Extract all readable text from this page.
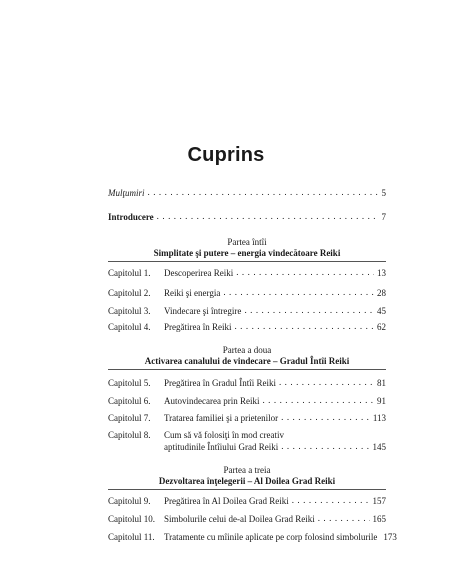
Cuprins
Mulţumiri . . .	5
Introducere . . .	7
Partea întîi
Simplitate şi putere – energia vindecătoare Reiki
Capitolul 1.	Descoperirea Reiki . . .	13
Capitolul 2.	Reiki şi energia . . .	28
Capitolul 3.	Vindecare şi întregire . . .	45
Capitolul 4.	Pregătirea în Reiki . . .	62
Partea a doua
Activarea canalului de vindecare – Gradul Întîi Reiki
Capitolul 5.	Pregătirea în Gradul Întîi Reiki . . .	81
Capitolul 6.	Autovindecarea prin Reiki . . .	91
Capitolul 7.	Tratarea familiei şi a prietenilor . . .	113
Capitolul 8.	Cum să vă folosiţi în mod creativ
aptitudinile Întîiului Grad Reiki . . .	145
Partea a treia
Dezvoltarea înţelegerii – Al Doilea Grad Reiki
Capitolul 9.	Pregătirea în Al Doilea Grad Reiki . . .	157
Capitolul 10.	Simbolurile celui de-al Doilea Grad Reiki . . .	165
Capitolul 11.	Tratamente cu mîinile aplicate pe corp folosind simbolurile 173
